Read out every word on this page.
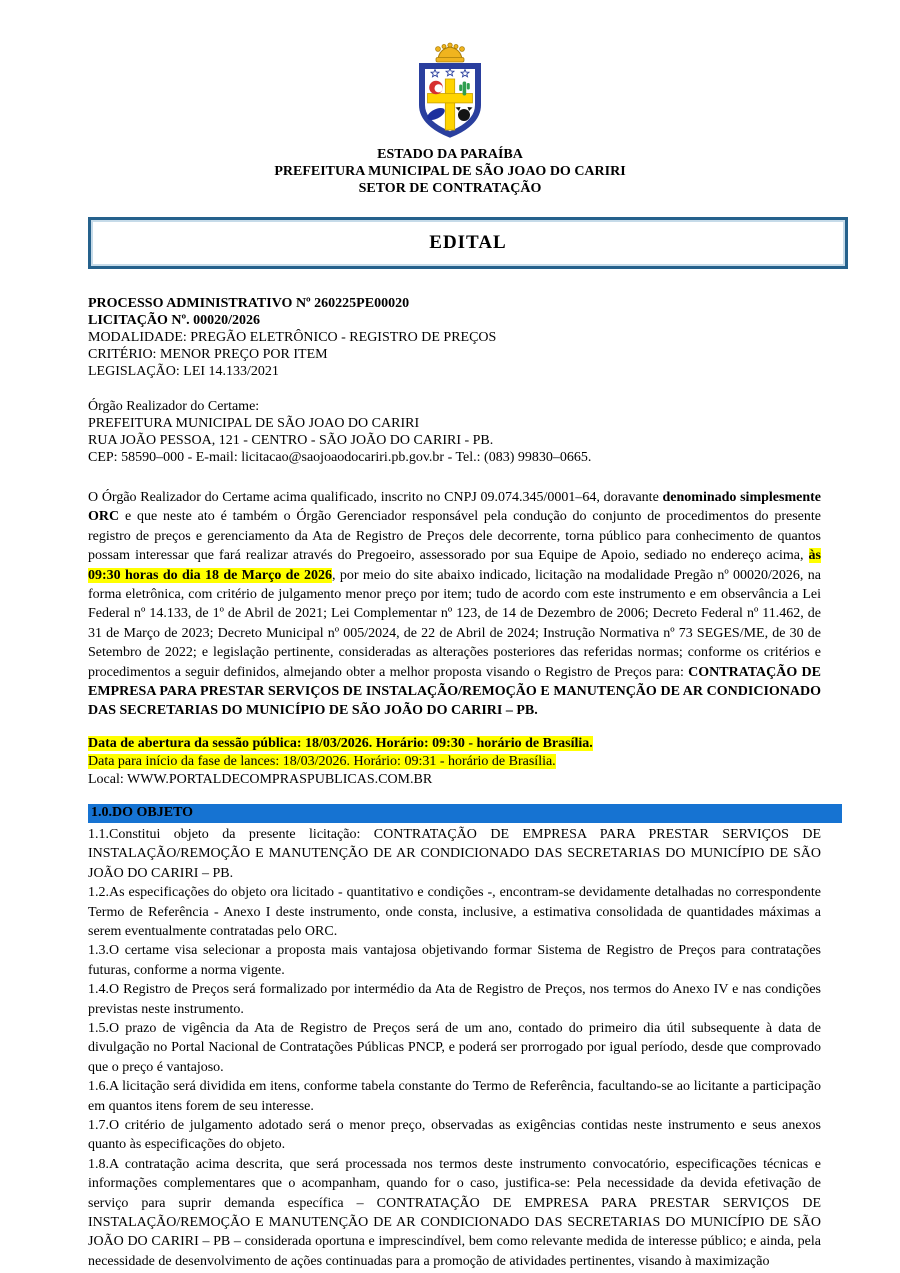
ESTADO DA PARAÍBA
PREFEITURA MUNICIPAL DE SÃO JOAO DO CARIRI
SETOR DE CONTRATAÇÃO
EDITAL
PROCESSO ADMINISTRATIVO Nº 260225PE00020
LICITAÇÃO Nº. 00020/2026
MODALIDADE: PREGÃO ELETRÔNICO - REGISTRO DE PREÇOS
CRITÉRIO: MENOR PREÇO POR ITEM
LEGISLAÇÃO: LEI 14.133/2021
Órgão Realizador do Certame:
PREFEITURA MUNICIPAL DE SÃO JOAO DO CARIRI
RUA JOÃO PESSOA, 121 - CENTRO - SÃO JOÃO DO CARIRI - PB.
CEP: 58590–000 - E-mail: licitacao@saojoaodocariri.pb.gov.br - Tel.: (083) 99830–0665.

O Órgão Realizador do Certame acima qualificado, inscrito no CNPJ 09.074.345/0001–64, doravante denominado simplesmente ORC e que neste ato é também o Órgão Gerenciador responsável pela condução do conjunto de procedimentos do presente registro de preços e gerenciamento da Ata de Registro de Preços dele decorrente, torna público para conhecimento de quantos possam interessar que fará realizar através do Pregoeiro, assessorado por sua Equipe de Apoio, sediado no endereço acima, às 09:30 horas do dia 18 de Março de 2026, por meio do site abaixo indicado, licitação na modalidade Pregão nº 00020/2026, na forma eletrônica, com critério de julgamento menor preço por item; tudo de acordo com este instrumento e em observância a Lei Federal nº 14.133, de 1º de Abril de 2021; Lei Complementar nº 123, de 14 de Dezembro de 2006; Decreto Federal nº 11.462, de 31 de Março de 2023; Decreto Municipal nº 005/2024, de 22 de Abril de 2024; Instrução Normativa nº 73 SEGES/ME, de 30 de Setembro de 2022; e legislação pertinente, consideradas as alterações posteriores das referidas normas; conforme os critérios e procedimentos a seguir definidos, almejando obter a melhor proposta visando o Registro de Preços para: CONTRATAÇÃO DE EMPRESA PARA PRESTAR SERVIÇOS DE INSTALAÇÃO/REMOÇÃO E MANUTENÇÃO DE AR CONDICIONADO DAS SECRETARIAS DO MUNICÍPIO DE SÃO JOÃO DO CARIRI – PB.

Data de abertura da sessão pública: 18/03/2026. Horário: 09:30 - horário de Brasília.
Data para início da fase de lances: 18/03/2026. Horário: 09:31 - horário de Brasília.
Local: WWW.PORTALDECOMPRASPUBLICAS.COM.BR
1.0.DO OBJETO

1.1.Constitui objeto da presente licitação: CONTRATAÇÃO DE EMPRESA PARA PRESTAR SERVIÇOS DE INSTALAÇÃO/REMOÇÃO E MANUTENÇÃO DE AR CONDICIONADO DAS SECRETARIAS DO MUNICÍPIO DE SÃO JOÃO DO CARIRI – PB.

1.2.As especificações do objeto ora licitado - quantitativo e condições -, encontram-se devidamente detalhadas no correspondente Termo de Referência - Anexo I deste instrumento, onde consta, inclusive, a estimativa consolidada de quantidades máximas a serem eventualmente contratadas pelo ORC.

1.3.O certame visa selecionar a proposta mais vantajosa objetivando formar Sistema de Registro de Preços para contratações futuras, conforme a norma vigente.

1.4.O Registro de Preços será formalizado por intermédio da Ata de Registro de Preços, nos termos do Anexo IV e nas condições previstas neste instrumento.

1.5.O prazo de vigência da Ata de Registro de Preços será de um ano, contado do primeiro dia útil subsequente à data de divulgação no Portal Nacional de Contratações Públicas PNCP, e poderá ser prorrogado por igual período, desde que comprovado que o preço é vantajoso.

1.6.A licitação será dividida em itens, conforme tabela constante do Termo de Referência, facultando-se ao licitante a participação em quantos itens forem de seu interesse.

1.7.O critério de julgamento adotado será o menor preço, observadas as exigências contidas neste instrumento e seus anexos quanto às especificações do objeto.

1.8.A contratação acima descrita, que será processada nos termos deste instrumento convocatório, especificações técnicas e informações complementares que o acompanham, quando for o caso, justifica-se: Pela necessidade da devida efetivação de serviço para suprir demanda específica – CONTRATAÇÃO DE EMPRESA PARA PRESTAR SERVIÇOS DE INSTALAÇÃO/REMOÇÃO E MANUTENÇÃO DE AR CONDICIONADO DAS SECRETARIAS DO MUNICÍPIO DE SÃO JOÃO DO CARIRI – PB – considerada oportuna e imprescindível, bem como relevante medida de interesse público; e ainda, pela necessidade de desenvolvimento de ações continuadas para a promoção de atividades pertinentes, visando à maximização
